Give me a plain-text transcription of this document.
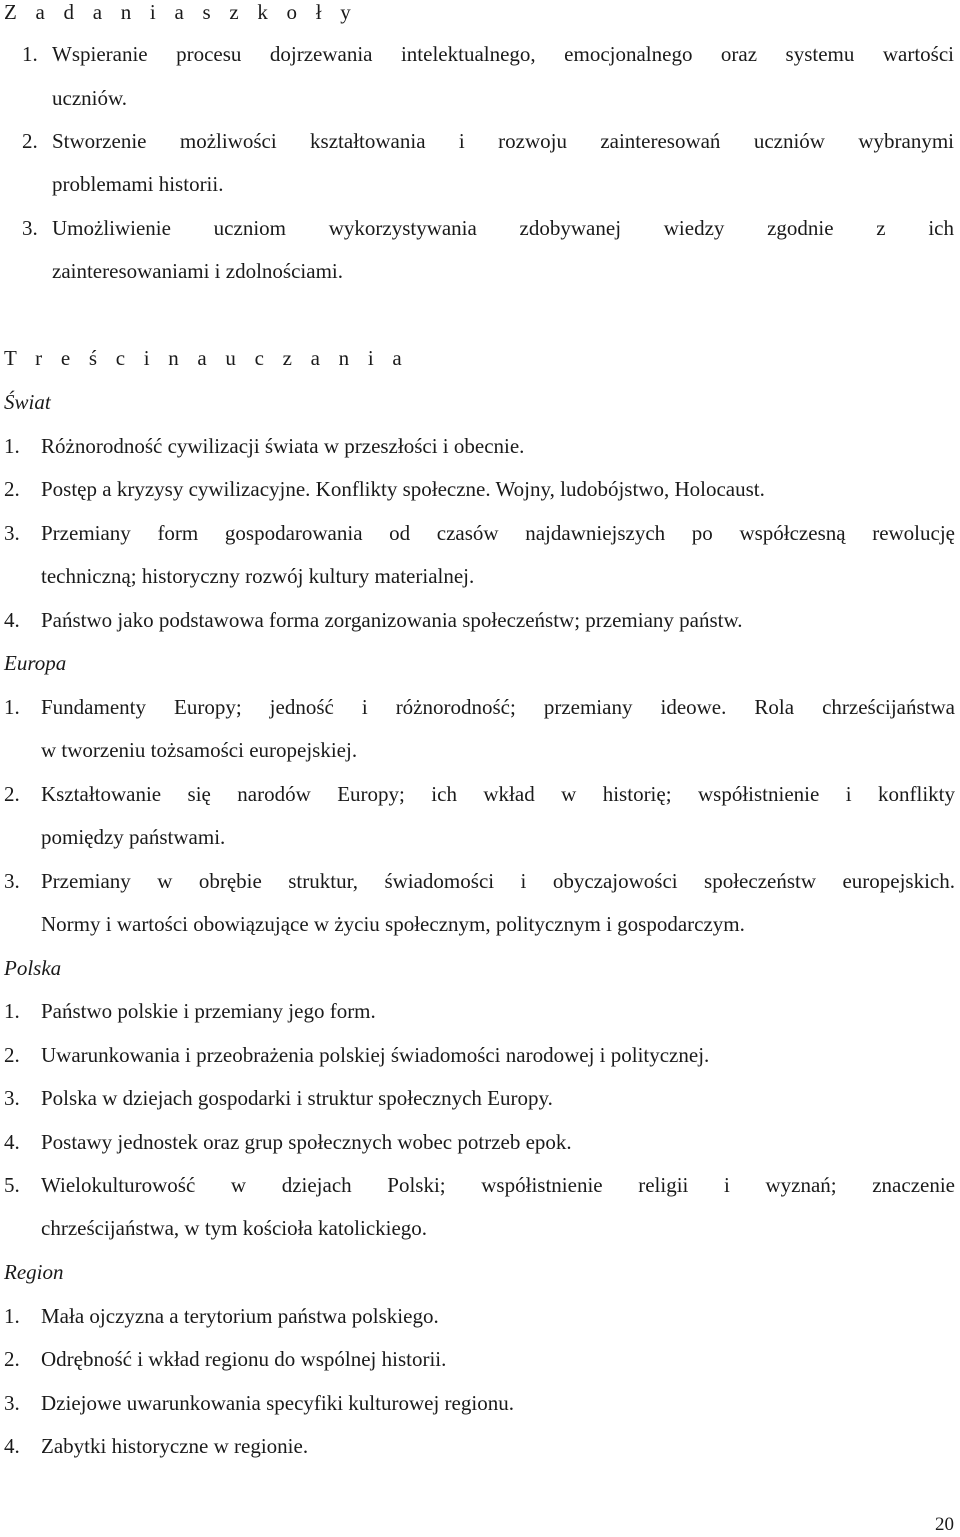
Z a d a n i a s z k o ł y
1. Wspieranie procesu dojrzewania intelektualnego, emocjonalnego oraz systemu wartości
uczniów.
2. Stworzenie możliwości kształtowania i rozwoju zainteresowań uczniów wybranymi
problemami historii.
3. Umożliwienie uczniom wykorzystywania zdobywanej wiedzy zgodnie z ich
zainteresowaniami i zdolnościami.
T r e ś c i n a u c z a n i a
Świat
1. Różnorodność cywilizacji świata w przeszłości i obecnie.
2. Postęp a kryzysy cywilizacyjne. Konflikty społeczne. Wojny, ludobójstwo, Holocaust.
3. Przemiany form gospodarowania od czasów najdawniejszych po współczesną rewolucję
techniczną; historyczny rozwój kultury materialnej.
4. Państwo jako podstawowa forma zorganizowania społeczeństw; przemiany państw.
Europa
1. Fundamenty Europy; jedność i różnorodność; przemiany ideowe. Rola chrześcijaństwa
w tworzeniu tożsamości europejskiej.
2. Kształtowanie się narodów Europy; ich wkład w historię; współistnienie i konflikty
pomiędzy państwami.
3. Przemiany w obrębie struktur, świadomości i obyczajowości społeczeństw europejskich.
Normy i wartości obowiązujące w życiu społecznym, politycznym i gospodarczym.
Polska
1. Państwo polskie i przemiany jego form.
2. Uwarunkowania i przeobrażenia polskiej świadomości narodowej i politycznej.
3. Polska w dziejach gospodarki i struktur społecznych Europy.
4. Postawy jednostek oraz grup społecznych wobec potrzeb epok.
5. Wielokulturowość w dziejach Polski; współistnienie religii i wyznań; znaczenie
chrześcijaństwa, w tym kościoła katolickiego.
Region
1. Mała ojczyzna a terytorium państwa polskiego.
2. Odrębność i wkład regionu do wspólnej historii.
3. Dziejowe uwarunkowania specyfiki kulturowej regionu.
4. Zabytki historyczne w regionie.
20
